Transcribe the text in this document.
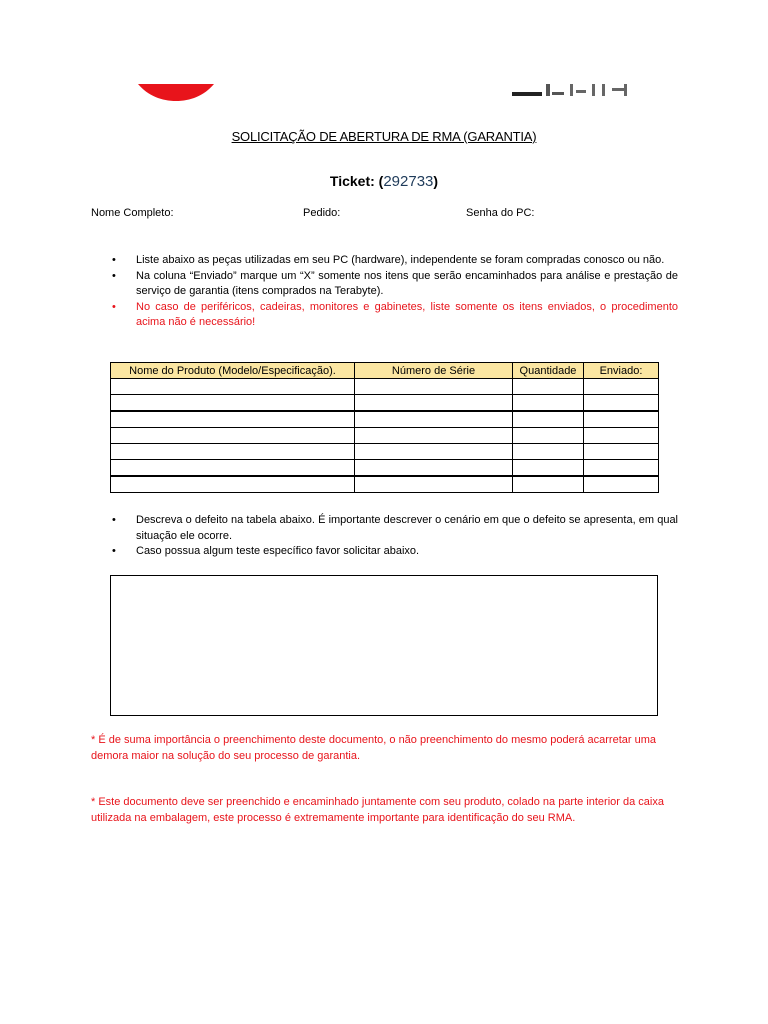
SOLICITAÇÃO DE ABERTURA DE RMA (GARANTIA)
Ticket: (292733)
Nome Completo:	Pedido:	Senha do PC:
• Liste abaixo as peças utilizadas em seu PC (hardware), independente se foram compradas conosco ou não.
• Na coluna “Enviado” marque um “X” somente nos itens que serão encaminhados para análise e prestação de serviço de garantia (itens comprados na Terabyte).
• No caso de periféricos, cadeiras, monitores e gabinetes, liste somente os itens enviados, o procedimento acima não é necessário!
Nome do Produto (Modelo/Especificação).	Número de Série	Quantidade	Enviado:

• Descreva o defeito na tabela abaixo. É importante descrever o cenário em que o defeito se apresenta, em qual situação ele ocorre.
• Caso possua algum teste específico favor solicitar abaixo.
* É de suma importância o preenchimento deste documento, o não preenchimento do mesmo poderá acarretar uma demora maior na solução do seu processo de garantia.
* Este documento deve ser preenchido e encaminhado juntamente com seu produto, colado na parte interior da caixa utilizada na embalagem, este processo é extremamente importante para identificação do seu RMA.
